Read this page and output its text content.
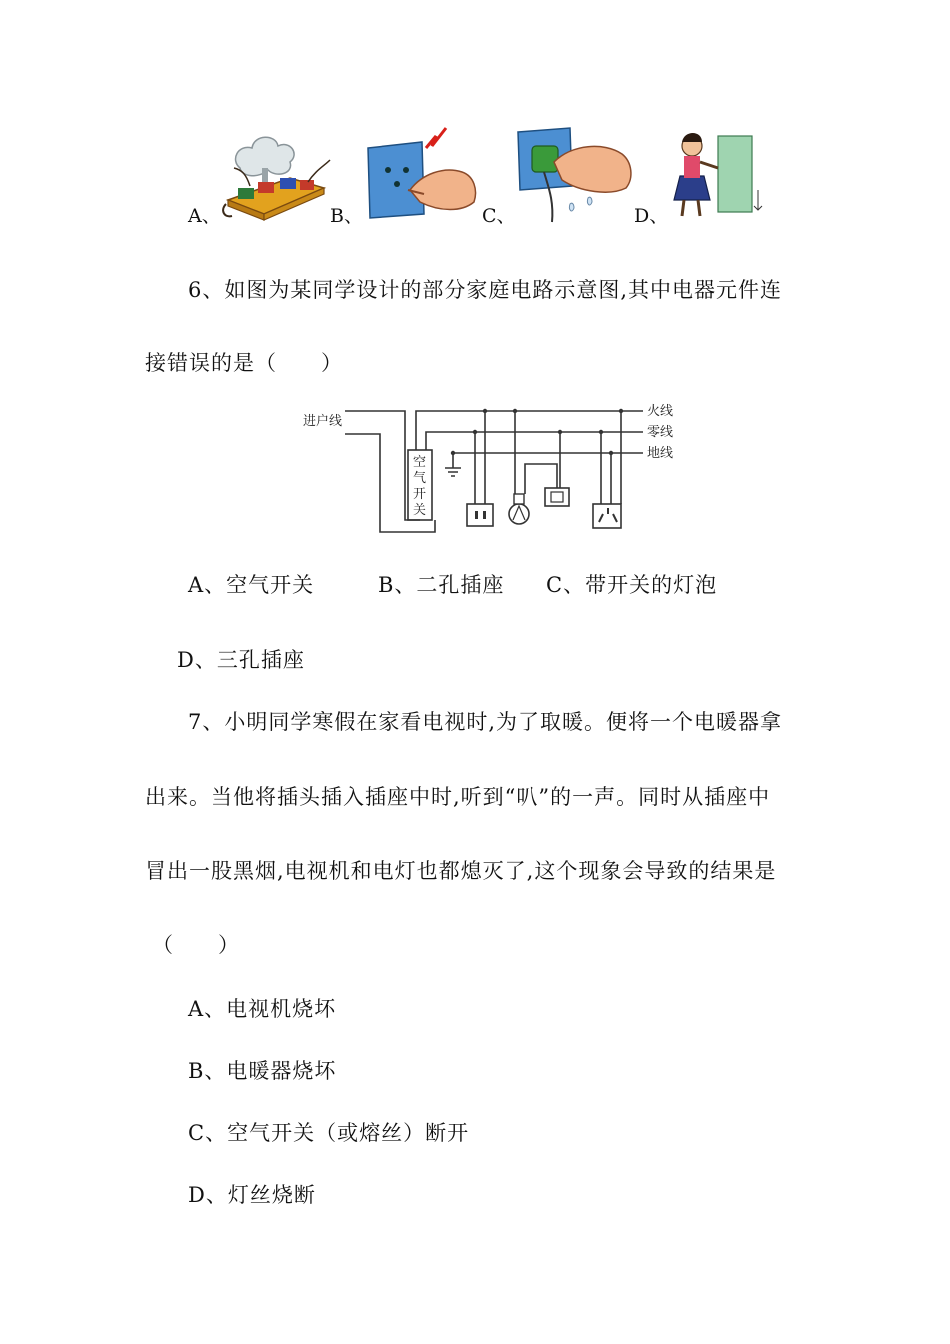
A、	B、	C、	D、
6、如图为某同学设计的部分家庭电路示意图,其中电器元件连
接错误的是（　　）
进户线
火线
零线
地线
空
气
开
关
A、空气开关	B、二孔插座 C、带开关的灯泡
D、三孔插座
7、小明同学寒假在家看电视时,为了取暖。便将一个电暖器拿
出来。当他将插头插入插座中时,听到“叭”的一声。同时从插座中
冒出一股黑烟,电视机和电灯也都熄灭了,这个现象会导致的结果是
（　　）
A、电视机烧坏
B、电暖器烧坏
C、空气开关（或熔丝）断开
D、灯丝烧断
